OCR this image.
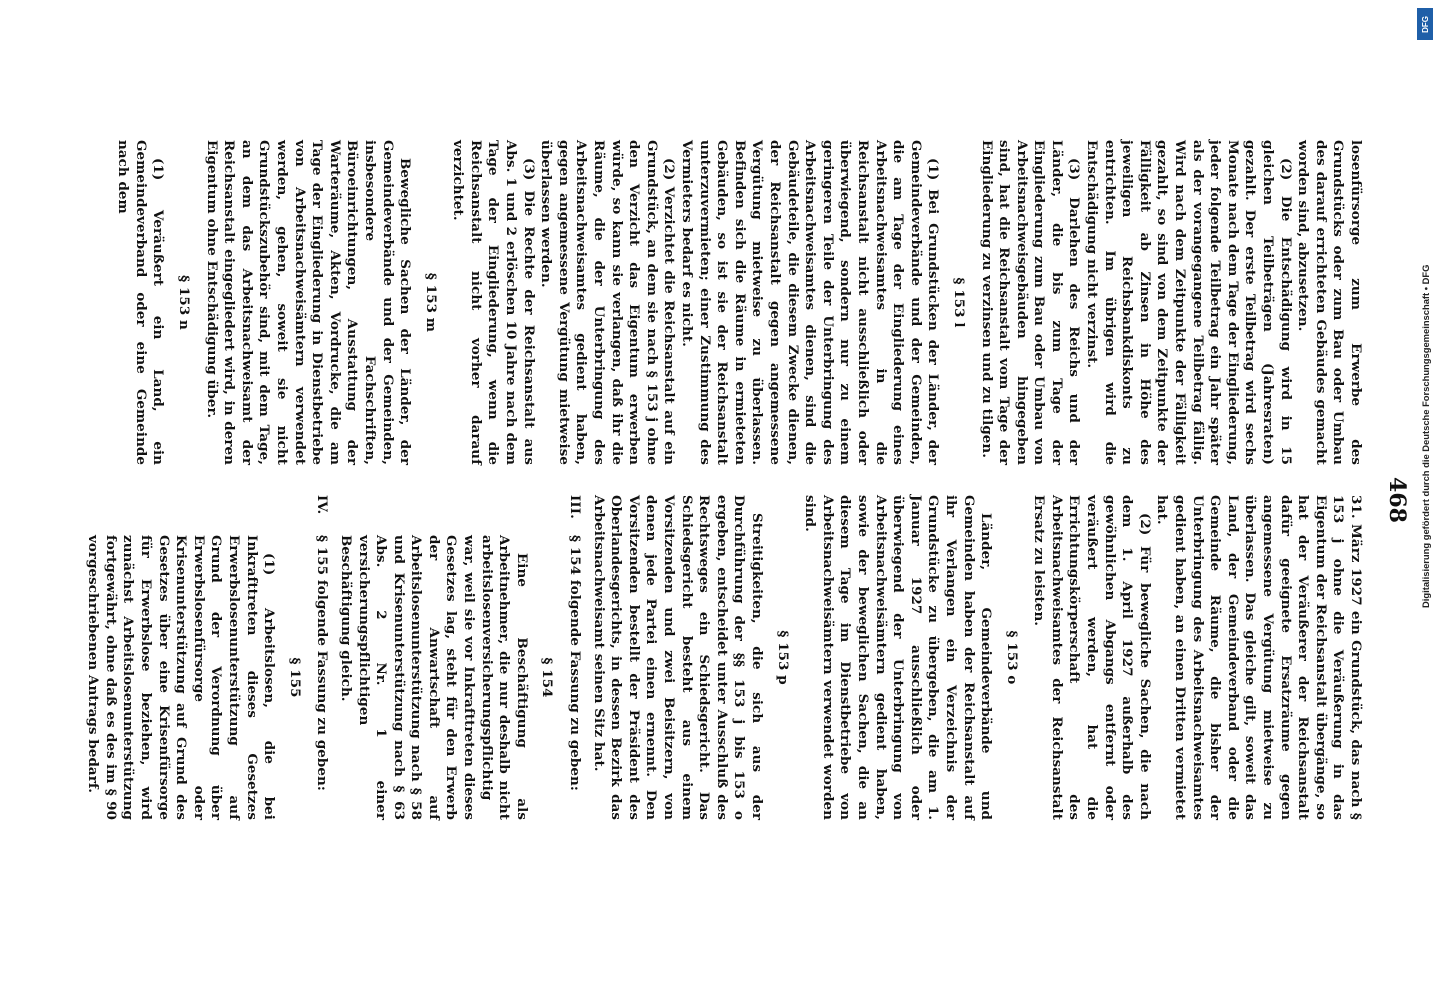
468

losenfürsorge zum Erwerbe des Grundstücks oder zum Bau oder Umbau des darauf errichteten Gebäudes gemacht worden sind, abzusetzen.

(2) Die Entschädigung wird in 15 gleichen Teilbeträgen (Jahresraten) gezahlt. Der erste Teilbetrag wird sechs Monate nach dem Tage der Eingliederung, jeder folgende Teilbetrag ein Jahr später als der vorangegangene Teilbetrag fällig. Wird nach dem Zeitpunkte der Fälligkeit gezahlt, so sind von dem Zeitpunkte der Fälligkeit ab Zinsen in Höhe des jeweiligen Reichsbankdiskonts zu entrichten. Im übrigen wird die Entschädigung nicht verzinst.

(3) Darlehen des Reichs und der Länder, die bis zum Tage der Eingliederung zum Bau oder Umbau von Arbeitsnachweisgebäuden hingegeben sind, hat die Reichsanstalt vom Tage der Eingliederung zu verzinsen und zu tilgen.

§ 153 l

(1) Bei Grundstücken der Länder, der Gemeindeverbände und der Gemeinden, die am Tage der Eingliederung eines Arbeitsnachweisamtes in die Reichsanstalt nicht ausschließlich oder überwiegend, sondern nur zu einem geringeren Teile der Unterbringung des Arbeitsnachweisamtes dienen, sind die Gebäudeteile, die diesem Zwecke dienen, der Reichsanstalt gegen angemessene Vergütung mietweise zu überlassen. Befinden sich die Räume in ermieteten Gebäuden, so ist sie der Reichsanstalt unterzuvermieten; einer Zustimmung des Vermieters bedarf es nicht.

(2) Verzichtet die Reichsanstalt auf ein Grundstück, an dem sie nach § 153 j ohne den Verzicht das Eigentum erwerben würde, so kann sie verlangen, daß ihr die Räume, die der Unterbringung des Arbeitsnachweisamtes gedient haben, gegen angemessene Vergütung mietweise überlassen werden.

(3) Die Rechte der Reichsanstalt aus Abs. 1 und 2 erlöschen 10 Jahre nach dem Tage der Eingliederung, wenn die Reichsanstalt nicht vorher darauf verzichtet.

§ 153 m

Bewegliche Sachen der Länder, der Gemeindeverbände und der Gemeinden, insbesondere Fachschriften, Büroeinrichtungen, Ausstattung der Warteräume, Akten, Vordrucke, die am Tage der Eingliederung in Dienstbetriebe von Arbeitsnachweisämtern verwendet werden, gehen, soweit sie nicht Grundstückszubehör sind, mit dem Tage, an dem das Arbeitsnachweisamt der Reichsanstalt eingegliedert wird, in deren Eigentum ohne Entschädigung über.

§ 153 n

(1) Veräußert ein Land, ein Gemeindeverband oder eine Gemeinde nach dem

31. März 1927 ein Grundstück, das nach § 153 j ohne die Veräußerung in das Eigentum der Reichsanstalt übergänge, so hat der Veräußerer der Reichsanstalt dafür geeignete Ersatzräume gegen angemessene Vergütung mietweise zu überlassen. Das gleiche gilt, soweit das Land, der Gemeindeverband oder die Gemeinde Räume, die bisher der Unterbringung des Arbeitsnachweisamtes gedient haben, an einen Dritten vermietet hat.

(2) Für bewegliche Sachen, die nach dem 1. April 1927 außerhalb des gewöhnlichen Abgangs entfernt oder veräußert werden, hat die Errichtungskörperschaft des Arbeitsnachweisamtes der Reichsanstalt Ersatz zu leisten.

§ 153 o

Länder, Gemeindeverbände und Gemeinden haben der Reichsanstalt auf ihr Verlangen ein Verzeichnis der Grundstücke zu übergeben, die am 1. Januar 1927 ausschließlich oder überwiegend der Unterbringung von Arbeitsnachweisämtern gedient haben, sowie der beweglichen Sachen, die an diesem Tage im Dienstbetriebe von Arbeitsnachweisämtern verwendet worden sind.

§ 153 p

Streitigkeiten, die sich aus der Durchführung der §§ 153 j bis 153 o ergeben, entscheidet unter Ausschluß des Rechtsweges ein Schiedsgericht. Das Schiedsgericht besteht aus einem Vorsitzenden und zwei Beisitzern, von denen jede Partei einen ernennt. Den Vorsitzenden bestellt der Präsident des Oberlandesgerichts, in dessen Bezirk das Arbeitsnachweisamt seinen Sitz hat.

III.
§ 154 folgende Fassung zu geben:
§ 154

Eine Beschäftigung als Arbeitnehmer, die nur deshalb nicht arbeitslosenversicherungspflichtig war, weil sie vor Inkrafttreten dieses Gesetzes lag, steht für den Erwerb der Anwartschaft auf Arbeitslosenunterstützung nach § 58 und Krisenunterstützung nach § 63 Abs. 2 Nr. 1 einer versicherungspflichtigen Beschäftigung gleich.

IV.
§ 155 folgende Fassung zu geben:
§ 155

(1) Arbeitslosen, die bei Inkrafttreten dieses Gesetzes Erwerbslosenunterstützung auf Grund der Verordnung über Erwerbslosenfürsorge oder Krisenunterstützung auf Grund des Gesetzes über eine Krisenfürsorge für Erwerbslose beziehen, wird zunächst Arbeitslosenunterstützung fortgewährt, ohne daß es des im § 90 vorgeschriebenen Antrags bedarf.

DFG
Digitalisierung gefördert durch die Deutsche Forschungsgemeinschaft • DFG
